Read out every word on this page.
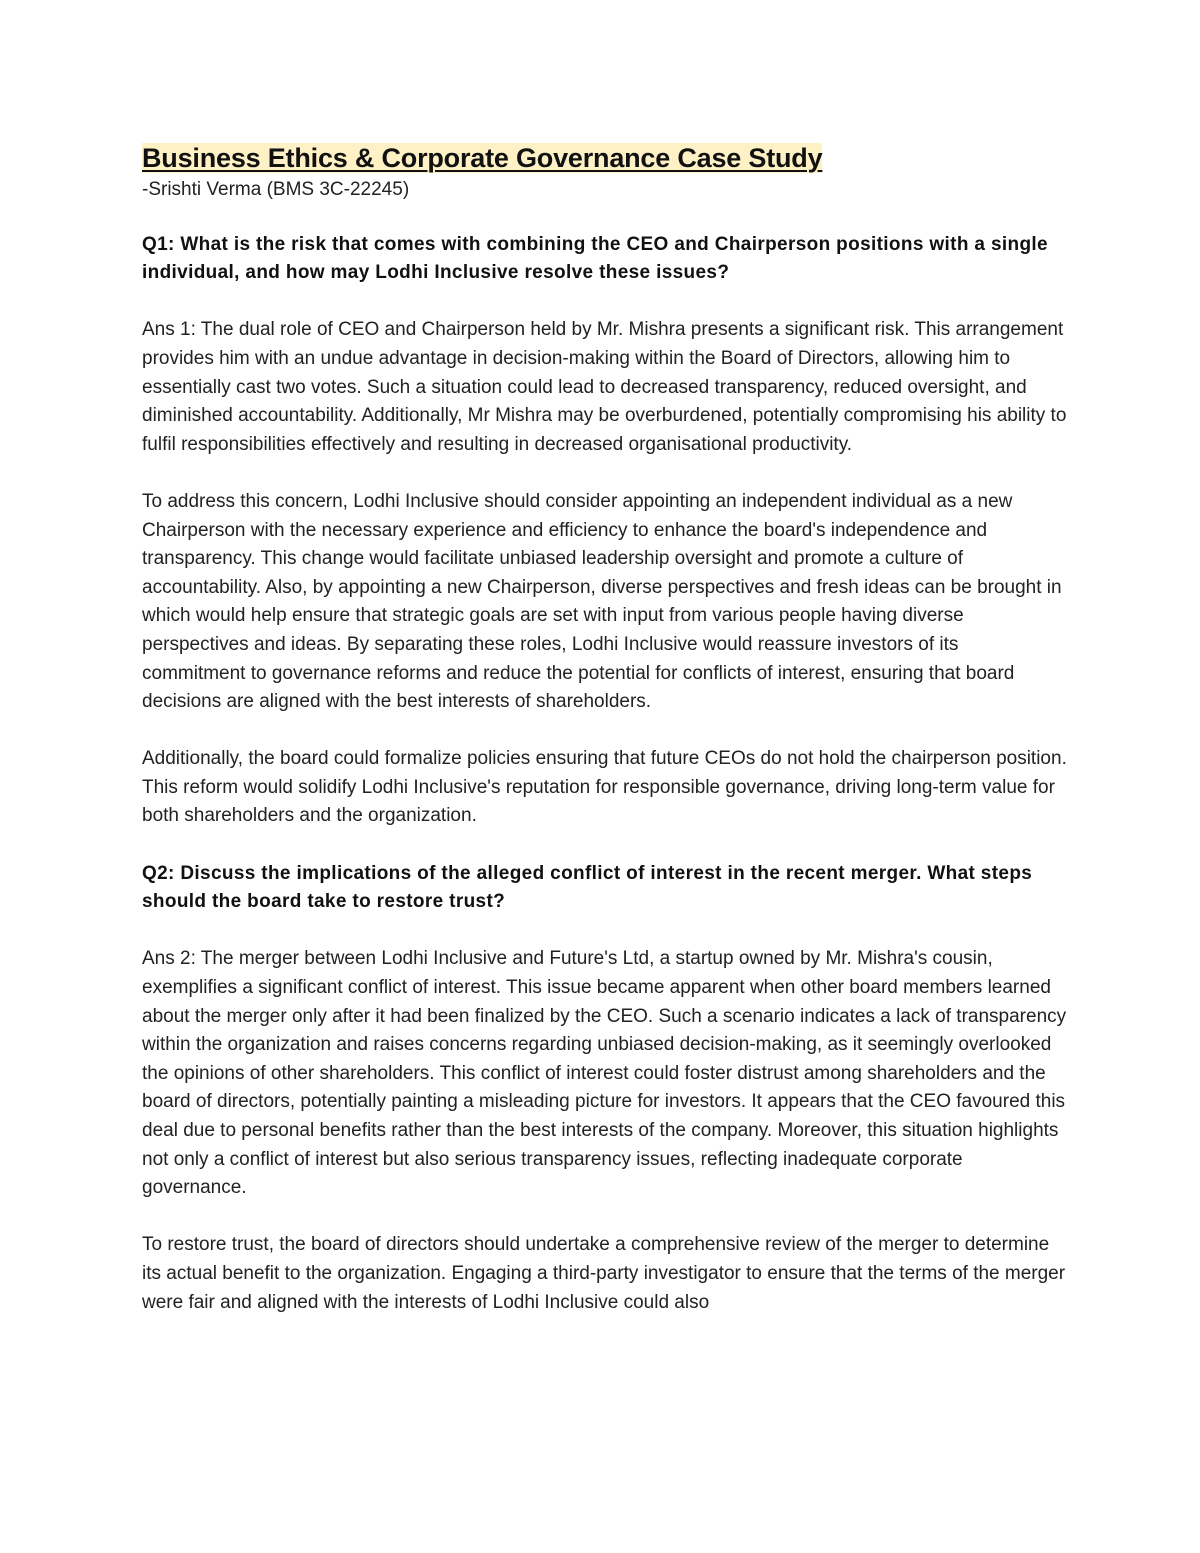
Business Ethics & Corporate Governance Case Study

-Srishti Verma (BMS 3C-22245)

Q1: What is the risk that comes with combining the CEO and Chairperson positions with a single individual, and how may Lodhi Inclusive resolve these issues?

Ans 1: The dual role of CEO and Chairperson held by Mr. Mishra presents a significant risk. This arrangement provides him with an undue advantage in decision-making within the Board of Directors, allowing him to essentially cast two votes. Such a situation could lead to decreased transparency, reduced oversight, and diminished accountability. Additionally, Mr Mishra may be overburdened, potentially compromising his ability to fulfil responsibilities effectively and resulting in decreased organisational productivity.

To address this concern, Lodhi Inclusive should consider appointing an independent individual as a new Chairperson with the necessary experience and efficiency to enhance the board's independence and transparency. This change would facilitate unbiased leadership oversight and promote a culture of accountability. Also, by appointing a new Chairperson, diverse perspectives and fresh ideas can be brought in which would help ensure that strategic goals are set with input from various people having diverse perspectives and ideas. By separating these roles, Lodhi Inclusive would reassure investors of its commitment to governance reforms and reduce the potential for conflicts of interest, ensuring that board decisions are aligned with the best interests of shareholders.

Additionally, the board could formalize policies ensuring that future CEOs do not hold the chairperson position. This reform would solidify Lodhi Inclusive's reputation for responsible governance, driving long-term value for both shareholders and the organization.

Q2: Discuss the implications of the alleged conflict of interest in the recent merger. What steps should the board take to restore trust?

Ans 2: The merger between Lodhi Inclusive and Future's Ltd, a startup owned by Mr. Mishra's cousin, exemplifies a significant conflict of interest. This issue became apparent when other board members learned about the merger only after it had been finalized by the CEO. Such a scenario indicates a lack of transparency within the organization and raises concerns regarding unbiased decision-making, as it seemingly overlooked the opinions of other shareholders. This conflict of interest could foster distrust among shareholders and the board of directors, potentially painting a misleading picture for investors. It appears that the CEO favoured this deal due to personal benefits rather than the best interests of the company. Moreover, this situation highlights not only a conflict of interest but also serious transparency issues, reflecting inadequate corporate governance.

To restore trust, the board of directors should undertake a comprehensive review of the merger to determine its actual benefit to the organization. Engaging a third-party investigator to ensure that the terms of the merger were fair and aligned with the interests of Lodhi Inclusive could also
